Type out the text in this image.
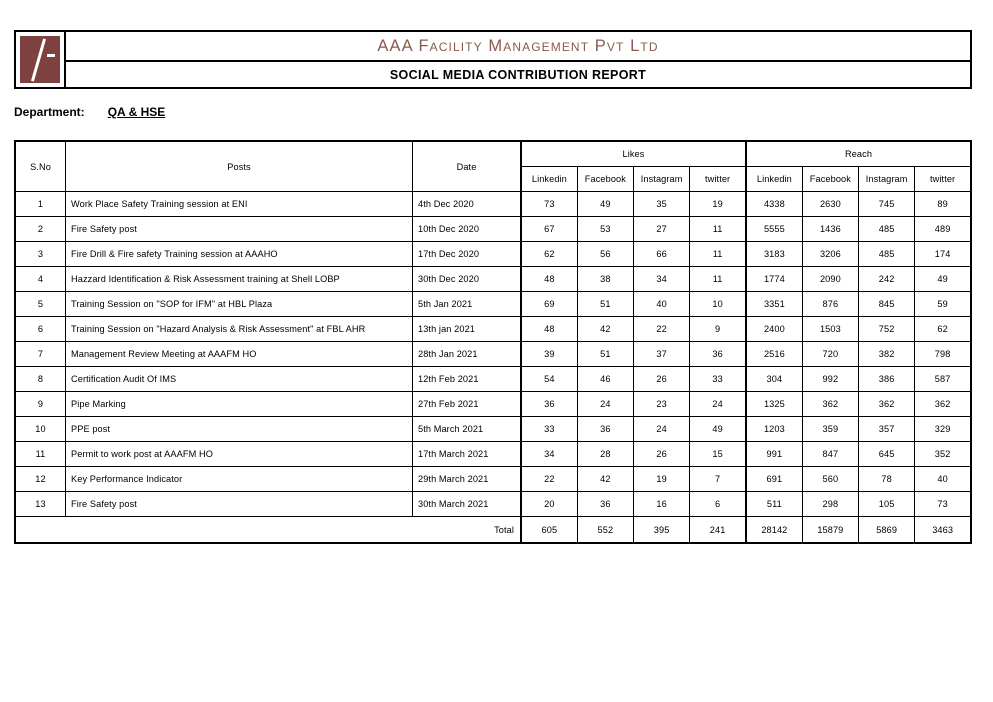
AAA Facility Management Pvt Ltd
SOCIAL MEDIA CONTRIBUTION REPORT
Department: QA & HSE
S.No	Posts	Date	Likes				Reach			
			Linkedin	Facebook	Instagram	twitter	Linkedin	Facebook	Instagram	twitter
1	Work Place Safety Training session at ENI	4th Dec 2020	73	49	35	19	4338	2630	745	89
2	Fire Safety post	10th Dec 2020	67	53	27	11	5555	1436	485	489
3	Fire Drill & Fire safety Training session at AAAHO	17th Dec 2020	62	56	66	11	3183	3206	485	174
4	Hazzard Identification & Risk Assessment training at Shell LOBP	30th Dec 2020	48	38	34	11	1774	2090	242	49
5	Training Session on "SOP for IFM" at HBL Plaza	5th Jan 2021	69	51	40	10	3351	876	845	59
6	Training Session on "Hazard Analysis & Risk Assessment" at FBL AHR	13th jan 2021	48	42	22	9	2400	1503	752	62
7	Management Review Meeting at AAAFM HO	28th Jan 2021	39	51	37	36	2516	720	382	798
8	Certification Audit Of IMS	12th Feb 2021	54	46	26	33	304	992	386	587
9	Pipe Marking	27th Feb 2021	36	24	23	24	1325	362	362	362
10	PPE post	5th March 2021	33	36	24	49	1203	359	357	329
11	Permit to work post at AAAFM HO	17th March 2021	34	28	26	15	991	847	645	352
12	Key Performance Indicator	29th March 2021	22	42	19	7	691	560	78	40
13	Fire Safety post	30th March 2021	20	36	16	6	511	298	105	73
Total			605	552	395	241	28142	15879	5869	3463
